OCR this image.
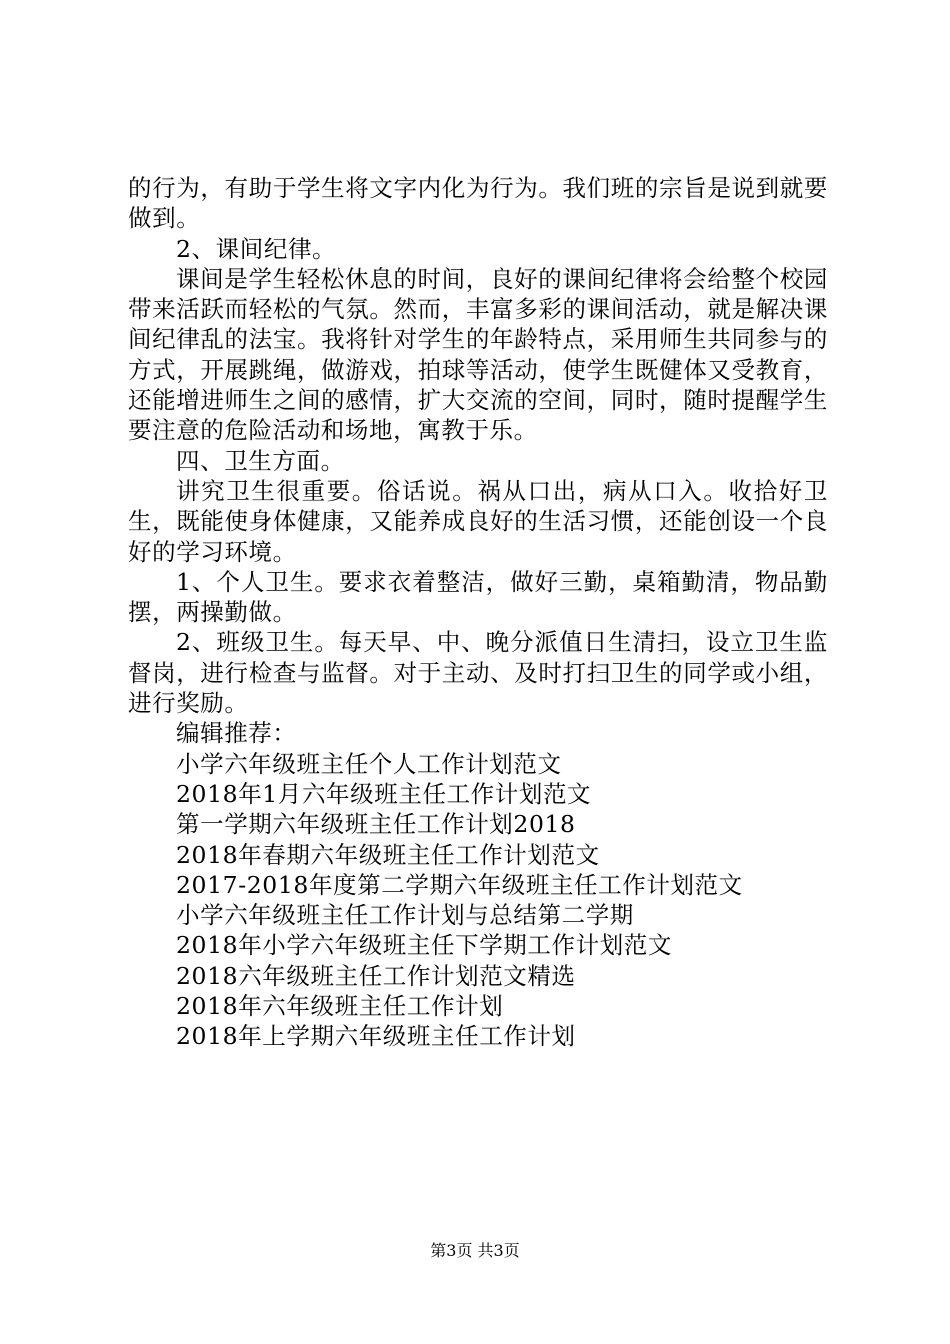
的行为，有助于学生将文字内化为行为。我们班的宗旨是说到就要做到。

2、课间纪律。

课间是学生轻松休息的时间，良好的课间纪律将会给整个校园带来活跃而轻松的气氛。然而，丰富多彩的课间活动，就是解决课间纪律乱的法宝。我将针对学生的年龄特点，采用师生共同参与的方式，开展跳绳，做游戏，拍球等活动，使学生既健体又受教育，还能增进师生之间的感情，扩大交流的空间，同时，随时提醒学生要注意的危险活动和场地，寓教于乐。

四、卫生方面。

讲究卫生很重要。俗话说。祸从口出，病从口入。收拾好卫生，既能使身体健康，又能养成良好的生活习惯，还能创设一个良好的学习环境。

1、个人卫生。要求衣着整洁，做好三勤，桌箱勤清，物品勤摆，两操勤做。

2、班级卫生。每天早、中、晚分派值日生清扫，设立卫生监督岗，进行检查与监督。对于主动、及时打扫卫生的同学或小组，进行奖励。

编辑推荐：

小学六年级班主任个人工作计划范文
2018年1月六年级班主任工作计划范文
第一学期六年级班主任工作计划2018
2018年春期六年级班主任工作计划范文
2017-2018年度第二学期六年级班主任工作计划范文
小学六年级班主任工作计划与总结第二学期
2018年小学六年级班主任下学期工作计划范文
2018六年级班主任工作计划范文精选
2018年六年级班主任工作计划
2018年上学期六年级班主任工作计划
第3页 共3页
